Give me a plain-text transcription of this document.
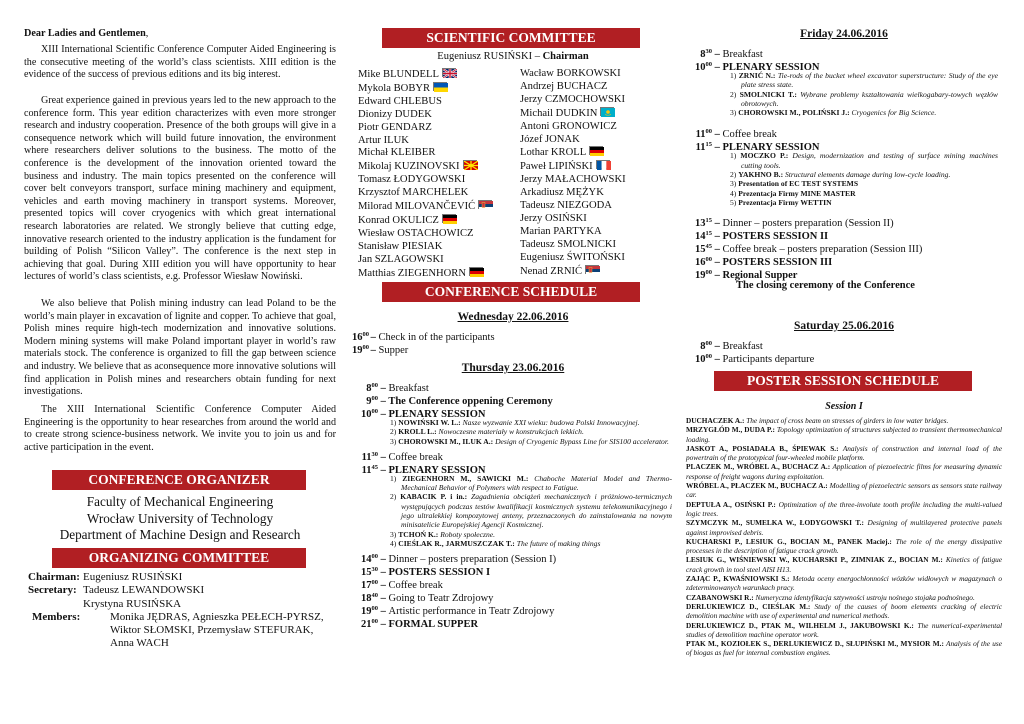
Dear Ladies and Gentlemen,
XIII International Scientific Conference Computer Aided Engineering is the consecutive meeting of the world’s class scientists. XIII edition is the evidence of the success of previous editions and its big interest.
Great experience gained in previous years led to the new approach to the conference form. This year edition characterizes with even more stronger research and industry cooperation. Presence of the both groups will give in a consequence network which will build future innovation, the environment where researchers deliver solutions to the business. The motto of the conference is the development of the innovation oriented toward the business and industry. The main topics presented on the conference will cover belt conveyors transport, surface mining machinery and equipment, vehicles and earth moving machinery in transport systems. Moreover, presented topics will cover cryogenics with which great international research laboratories are related. We strongly believe that cutting edge, innovative research oriented to the industry application is the fundament for building of Polish “Silicon Valley”. The conference is the next step in achieving that goal. During XIII edition you will have opportunity to hear lectures of world’s class scientists, e.g. Professor Wiesław Nowiński.
We also believe that Polish mining industry can lead Poland to be the world’s main player in excavation of lignite and copper. To achieve that goal, Polish mines require high-tech modernization and innovative solutions. Modern mining systems will make Poland important player in world’s raw materials stock. The conference is organized to fill the gap between science and industry. We believe that as aconsequence more innovative solutions will find application in Polish mines and researchers obtain funding for next investigations.
The XIII International Scientific Conference Computer Aided Engineering is the opportunity to hear researches from around the world and to create strong science-business network. We invite you to join us and for active participation in the event.
CONFERENCE ORGANIZER
Faculty of Mechanical Engineering
Wrocław University of Technology
Department of Machine Design and Research
ORGANIZING COMMITTEE
Chairman: Eugeniusz RUSIŃSKI
Secretary: Tadeusz LEWANDOWSKI
Krystyna RUSIŃSKA
Members:	Monika JĘDRAS, Agnieszka PEŁECH-PYRSZ,
Wiktor SŁOMSKI, Przemysław STEFURAK,
Anna WACH
SCIENTIFIC COMMITTEE
Eugeniusz RUSIŃSKI – Chairman
Mike BLUNDELL
Mykola BOBYR
Edward CHLEBUS
Dionizy DUDEK
Piotr GENDARZ
Artur ILUK
Michał KLEIBER
Mikolaj KUZINOVSKI
Tomasz ŁODYGOWSKI
Krzysztof MARCHELEK
Milorad MILOVANČEVIĆ
Konrad OKULICZ
Wiesław OSTACHOWICZ
Stanisław PIESIAK
Jan SZLAGOWSKI
Matthias ZIEGENHORN
Wacław BORKOWSKI
Andrzej BUCHACZ
Jerzy CZMOCHOWSKI
Michail DUDKIN
Antoni GRONOWICZ
Józef JONAK
Lothar KROLL
Paweł LIPIŃSKI
Jerzy MAŁACHOWSKI
Arkadiusz MĘŻYK
Tadeusz NIEZGODA
Jerzy OSIŃSKI
Marian PARTYKA
Tadeusz SMOLNICKI
Eugeniusz ŚWITOŃSKI
Nenad ZRNIĆ
CONFERENCE SCHEDULE
Wednesday 22.06.2016
$16^{00}$ – Check in of the participants
$19^{00}$ – Supper
Thursday 23.06.2016
$8^{00}$ – Breakfast
$9^{00}$ – The Conference oppening Ceremony
$10^{00}$ – PLENARY SESSION
1) NOWIŃSKI W. L.: Nasze wyzwanie XXI wieku: budowa Polski Innowacyjnej.
2) KROLL L.: Nowoczesne materiały w konstrukcjach lekkich.
3) CHOROWSKI M., ILUK A.: Design of Cryogenic Bypass Line for SIS100 accelerator.
$11^{30}$ – Coffee break
$11^{45}$ – PLENARY SESSION
1) ZIEGENHORN M., SAWICKI M.: Chaboche Material Model and Thermo-Mechanical Behavior of Polymers with respect to Fatigue.
2) KABACIK P. i in.: Zagadnienia obciążeń mechanicznych i próżniowo-termicznych występujących podczas testów kwalifikacji kosmicznych systemu telekomunikacyjnego i jego ultralekkiej kompozytowej anteny, przeznaczonych do zainstalowania na nowym minisatelicie Europejskiej Agencji Kosmicznej.
3) TCHOŃ K.: Roboty społeczne.
4) CIEŚLAK R., JARMUSZCZAK T.: The future of making things
$14^{00}$ – Dinner – posters preparation (Session I)
$15^{30}$ – POSTERS SESSION I
$17^{00}$ – Coffee break
$18^{40}$ – Going to Teatr Zdrojowy
$19^{00}$ – Artistic performance in Teatr Zdrojowy
$21^{00}$ – FORMAL SUPPER
Friday 24.06.2016
$8^{30}$ – Breakfast
$10^{00}$ – PLENARY SESSION
1) ZRNIĆ N.: Tie-rods of the bucket wheel excavator superstructure: Study of the eye plate stress state.
2) SMOLNICKI T.: Wybrane problemy kształtowania wielkogabary-towych węzłów obrotowych.
3) CHOROWSKI M., POLIŃSKI J.: Cryogenics for Big Science.
$11^{00}$ – Coffee break
$11^{15}$ – PLENARY SESSION
1) MOCZKO P.: Design, modernization and testing of surface mining machines cutting tools.
2) YAKHNO B.: Structural elements damage during low-cycle loading.
3) Presentation of EC TEST SYSTEMS
4) Prezentacja Firmy MINE MASTER
5) Prezentacja Firmy WETTIN
$13^{15}$ – Dinner – posters preparation (Session II)
$14^{15}$ – POSTERS SESSION II
$15^{45}$ – Coffee break – posters preparation (Session III)
$16^{00}$ – POSTERS SESSION III
$19^{00}$ – Regional Supper
The closing ceremony of the Conference
Saturday 25.06.2016
$8^{00}$ – Breakfast
$10^{00}$ – Participants departure
POSTER SESSION SCHEDULE
Session I
DUCHACZEK A.: The impact of cross beam on stresses of girders in low water bridges.
MRZYGŁÓD M., DUDA P.: Topology optimization of structures subjected to transient thermomechanical loading.
JASKOT A., POSIADAŁA B., ŚPIEWAK S.: Analysis of construction and internal load of the powertrain of the prototypical four-wheeled mobile platform.
PLACZEK M., WRÓBEL A., BUCHACZ A.: Application of piezoelectric films for measuring dynamic response of freight wagons during exploitation.
WRÓBEL A., PŁACZEK M., BUCHACZ A.: Modelling of piezoelectric sensors as sensors state railway car.
DEPTUŁA A., OSIŃSKI P.: Optimization of the three-involute tooth profile including the multi-valued logic trees.
SZYMCZYK M., SUMELKA W., ŁODYGOWSKI T.: Designing of multilayered protective panels against improvised debris.
KUCHARSKI P., LESIUK G., BOCIAN M., PANEK Maciej.: The role of the energy dissipative processes in the description of fatigue crack growth.
LESIUK G., WIŚNIEWSKI W., KUCHARSKI P., ZIMNIAK Z., BOCIAN M.: Kinetics of fatigue crack growth in tool steel AISI H13.
ZAJĄC P., KWAŚNIOWSKI S.: Metoda oceny energochłonności wózków widłowych w magazynach o zdeterminowanych warunkach pracy.
CZABANOWSKI R.: Numeryczna identyfikacja sztywności ustroju nośnego stojaka podnośnego.
DERLUKIEWICZ D., CIEŚLAK M.: Study of the causes of boom elements cracking of electric demolition machine with use of experimental and numerical methods.
DERLUKIEWICZ D., PTAK M., WILHELM J., JAKUBOWSKI K.: The numerical-experimental studies of demolition machine operator work.
PTAK M., KOZIOŁEK S., DERLUKIEWICZ D., SŁUPIŃSKI M., MYSIOR M.: Analysis of the use of biogas as fuel for internal combustion engines.
